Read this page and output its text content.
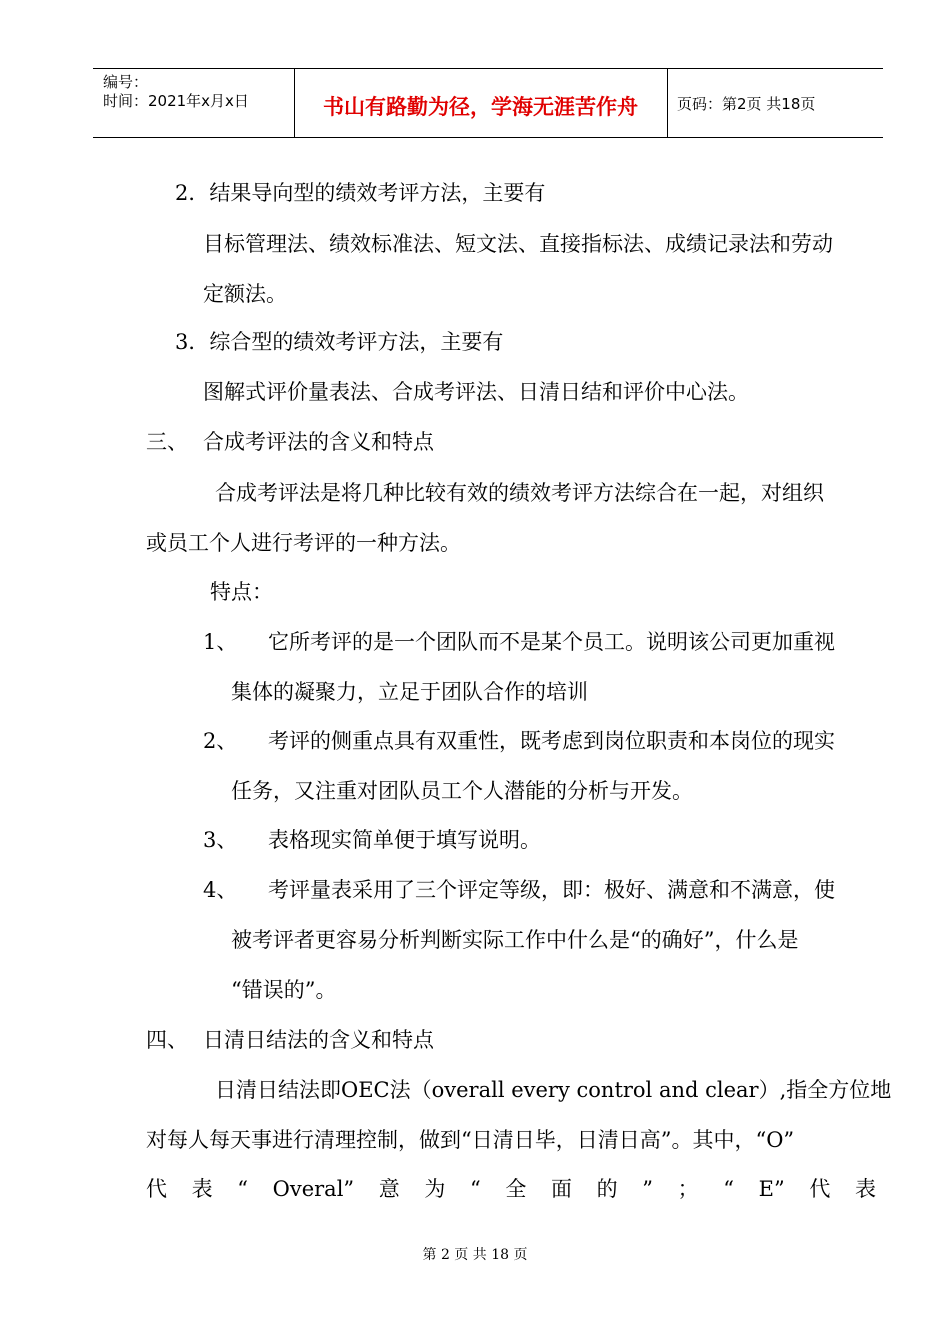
编号：
时间：2021年x月x日	书山有路勤为径，学海无涯苦作舟	页码：第2页 共18页
2．结果导向型的绩效考评方法，主要有
目标管理法、绩效标准法、短文法、直接指标法、成绩记录法和劳动
定额法。
3．综合型的绩效考评方法，主要有
图解式评价量表法、合成考评法、日清日结和评价中心法。
三、 合成考评法的含义和特点
合成考评法是将几种比较有效的绩效考评方法综合在一起，对组织
或员工个人进行考评的一种方法。
特点：
1、 它所考评的是一个团队而不是某个员工。说明该公司更加重视
集体的凝聚力，立足于团队合作的培训
2、 考评的侧重点具有双重性，既考虑到岗位职责和本岗位的现实
任务，又注重对团队员工个人潜能的分析与开发。
3、 表格现实简单便于填写说明。
4、 考评量表采用了三个评定等级，即：极好、满意和不满意，使
被考评者更容易分析判断实际工作中什么是“的确好”，什么是
“错误的”。
四、 日清日结法的含义和特点
日清日结法即OEC法（overall every control and clear）,指全方位地
对每人每天事进行清理控制，做到“日清日毕，日清日高”。其中，“O”
代 表 “ Overal” 意 为 “ 全 面 的 ” ； “ E” 代 表
第 2 页 共 18 页
